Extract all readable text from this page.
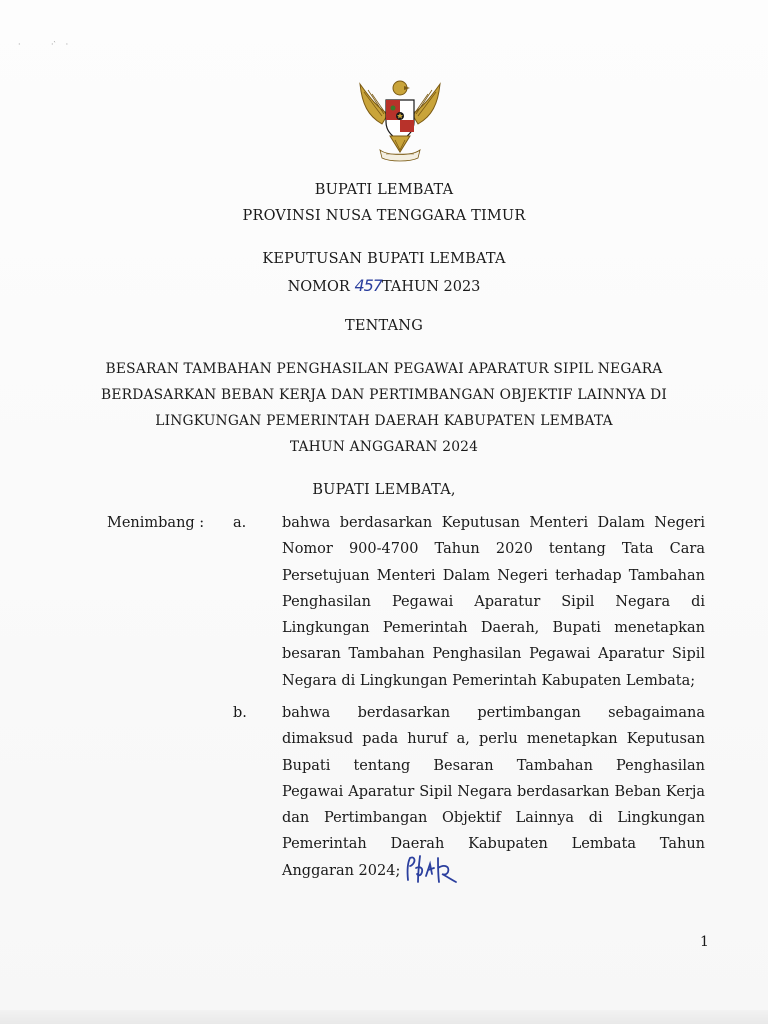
·            ·‵    ·
BUPATI LEMBATA
PROVINSI NUSA TENGGARA TIMUR
KEPUTUSAN BUPATI LEMBATA
NOMOR 457TAHUN 2023
TENTANG
BESARAN TAMBAHAN PENGHASILAN PEGAWAI APARATUR SIPIL NEGARA
BERDASARKAN BEBAN KERJA DAN PERTIMBANGAN OBJEKTIF LAINNYA DI
LINGKUNGAN PEMERINTAH DAERAH KABUPATEN LEMBATA
TAHUN ANGGARAN 2024
BUPATI LEMBATA,
Menimbang : a. bahwa berdasarkan Keputusan Menteri Dalam Negeri
Nomor 900-4700 Tahun 2020 tentang Tata Cara
Persetujuan Menteri Dalam Negeri terhadap Tambahan
Penghasilan Pegawai Aparatur Sipil Negara di
Lingkungan Pemerintah Daerah, Bupati menetapkan
besaran Tambahan Penghasilan Pegawai Aparatur Sipil
Negara di Lingkungan Pemerintah Kabupaten Lembata;
b. bahwa berdasarkan pertimbangan sebagaimana
dimaksud pada huruf a, perlu menetapkan Keputusan
Bupati tentang Besaran Tambahan Penghasilan
Pegawai Aparatur Sipil Negara berdasarkan Beban Kerja
dan Pertimbangan Objektif Lainnya di Lingkungan
Pemerintah Daerah Kabupaten Lembata Tahun
Anggaran 2024;
1
